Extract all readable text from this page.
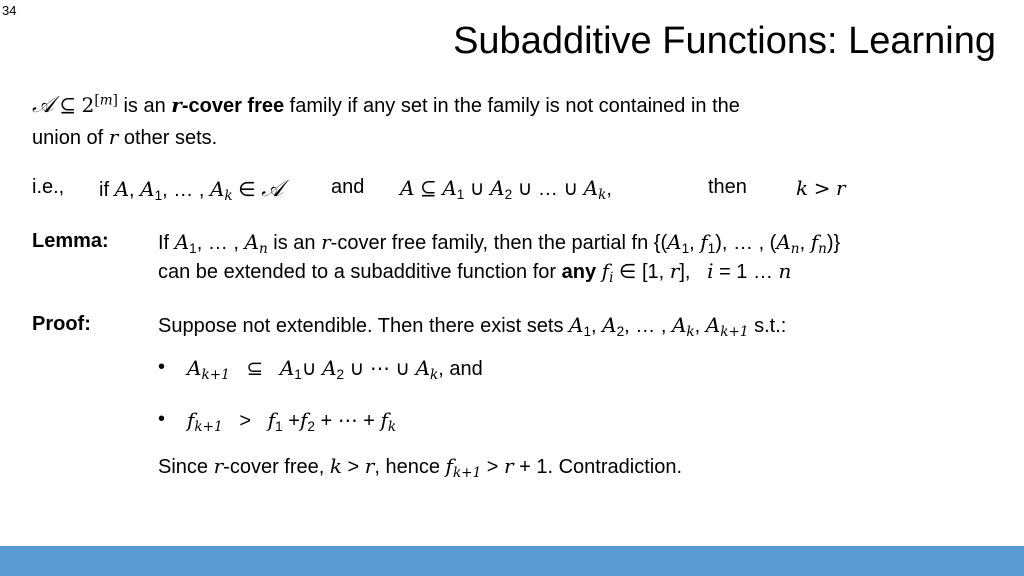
34
Subadditive Functions: Learning
𝒜 ⊆ 2[m] is an r-cover free family if any set in the family is not contained in the
union of r other sets.
i.e., if A, $A_1$, … , $A_k$ ∈ 𝒜 and A ⊆ $A_1$ ∪ $A_2$ ∪ … ∪ $A_k$,	then k > r
Lemma: If $A_1$, … , $A_n$ is an r-cover free family, then the partial fn {($A_1$, $f_1$), … , ($A_n$, $f_n$)}
can be extended to a subadditive function for any $f_i$ ∈ [1, r],   i = 1 … n
Proof:	Suppose not extendible. Then there exist sets $A_1$, $A_2$, … , $A_k$, $A_{k+1}$ s.t.:
• $A_{k+1}$   ⊆   $A_1\cup$ $A_2$ ∪ ⋯ ∪ $A_k$, and
• $f_{k+1} > f_1 +f_2$ + ⋯ + $f_k$
Since r-cover free, k > r, hence $f_{k+1} > r + 1$. Contradiction.
